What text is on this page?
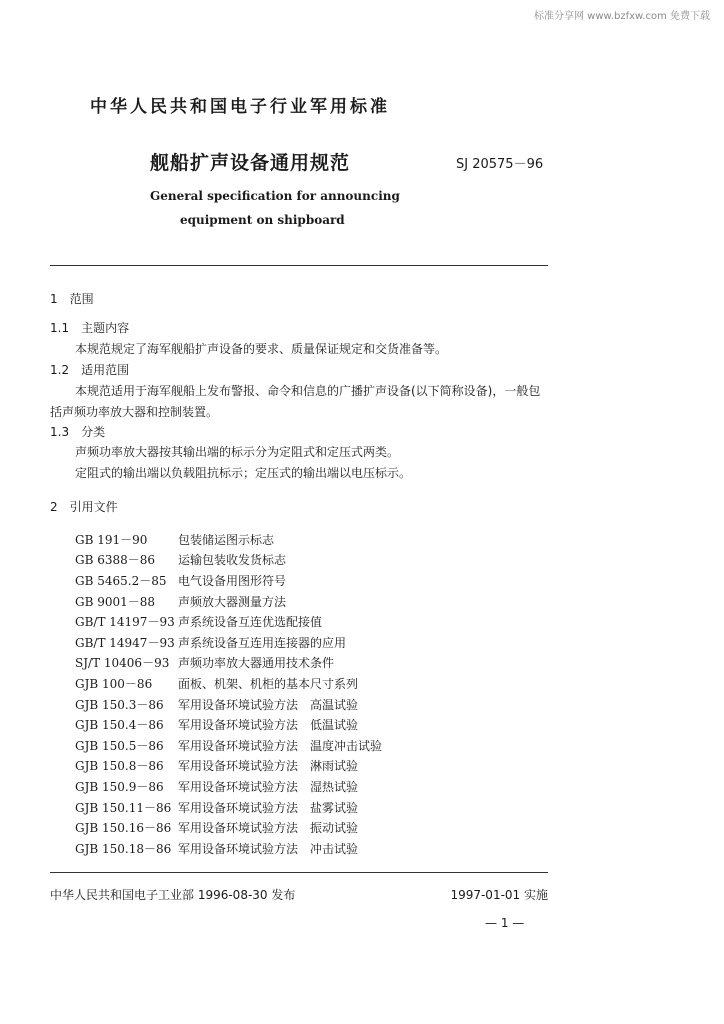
标准分享网 www.bzfxw.com 免费下载
中华人民共和国电子行业军用标准
舰船扩声设备通用规范	SJ 20575－96
General specification for announcing
equipment on shipboard
1　范围
1.1　主题内容
本规范规定了海军舰船扩声设备的要求、质量保证规定和交货准备等。
1.2　适用范围
本规范适用于海军舰船上发布警报、命令和信息的广播扩声设备(以下简称设备)，一般包
括声频功率放大器和控制装置。
1.3　分类
声频功率放大器按其输出端的标示分为定阻式和定压式两类。
定阻式的输出端以负载阻抗标示；定压式的输出端以电压标示。
2　引用文件
GB 191－90	包装储运图示标志
GB 6388－86	运输包装收发货标志
GB 5465.2－85 电气设备用图形符号
GB 9001－88	声频放大器测量方法
GB/T 14197－93 声系统设备互连优选配接值
GB/T 14947－93 声系统设备互连用连接器的应用
SJ/T 10406－93 声频功率放大器通用技术条件
GJB 100－86	面板、机架、机柜的基本尺寸系列
GJB 150.3－86	军用设备环境试验方法　高温试验
GJB 150.4－86	军用设备环境试验方法　低温试验
GJB 150.5－86	军用设备环境试验方法　温度冲击试验
GJB 150.8－86	军用设备环境试验方法　淋雨试验
GJB 150.9－86	军用设备环境试验方法　湿热试验
GJB 150.11－86 军用设备环境试验方法　盐雾试验
GJB 150.16－86 军用设备环境试验方法　振动试验
GJB 150.18－86 军用设备环境试验方法　冲击试验
中华人民共和国电子工业部 1996-08-30 发布	1997-01-01 实施
— 1 —
